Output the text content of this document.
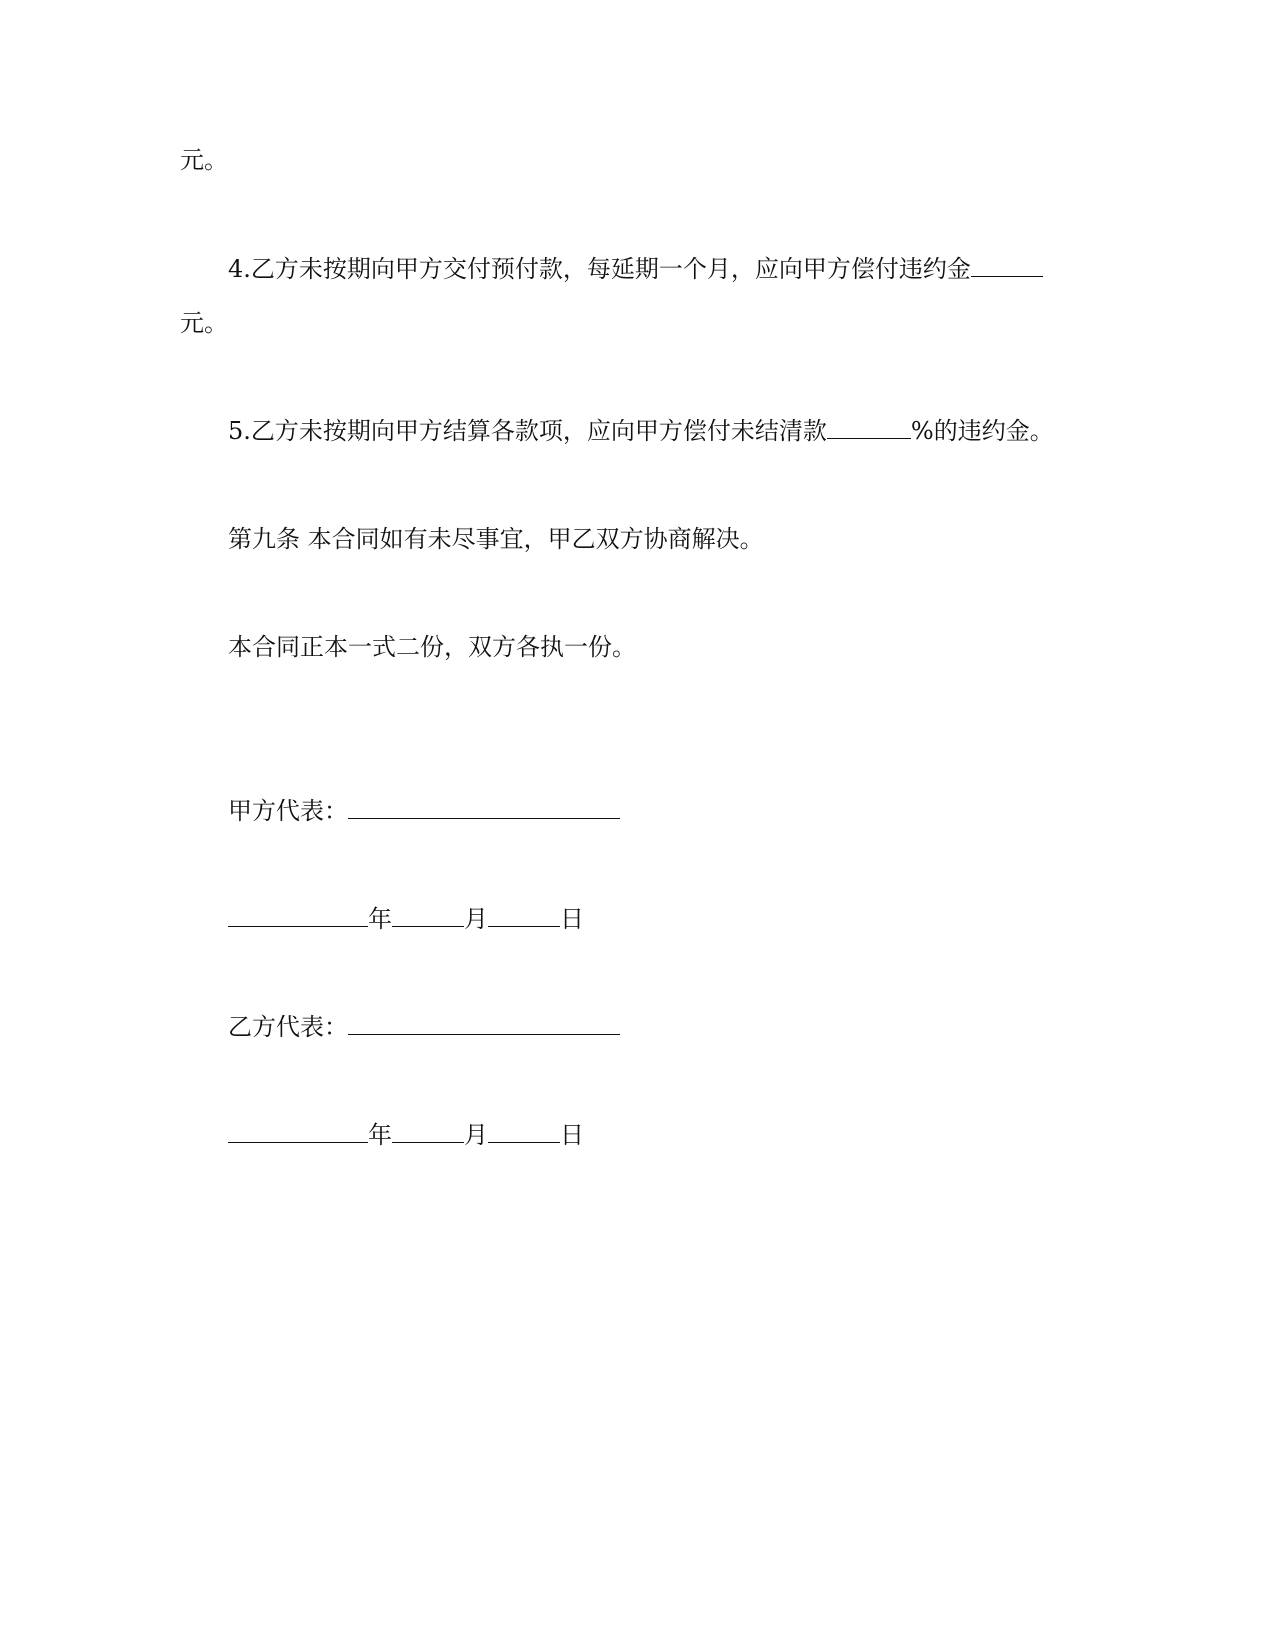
元。
4.乙方未按期向甲方交付预付款，每延期一个月，应向甲方偿付违约金
元。
5.乙方未按期向甲方结算各款项，应向甲方偿付未结清款	%的违约金。
第九条 本合同如有未尽事宜，甲乙双方协商解决。
本合同正本一式二份，双方各执一份。
甲方代表：
年	月	日
乙方代表：
年	月	日
